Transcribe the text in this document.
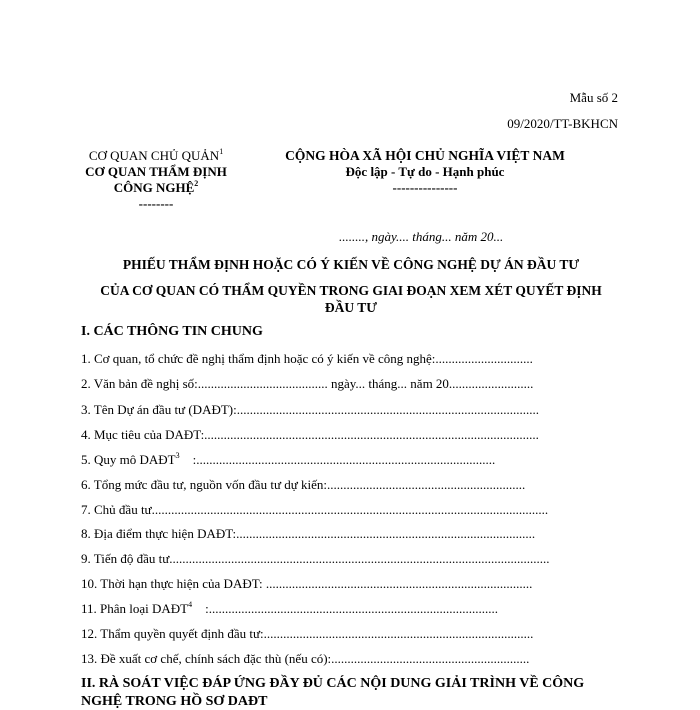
Mẫu số 2
09/2020/TT-BKHCN
CƠ QUAN CHỦ QUẢN$^1$
CƠ QUAN THẨM ĐỊNH
CÔNG NGHỆ$^2$
--------
CỘNG HÒA XÃ HỘI CHỦ NGHĨA VIỆT NAM
Độc lập - Tự do - Hạnh phúc
---------------
........, ngày.... tháng... năm 20...
PHIẾU THẨM ĐỊNH HOẶC CÓ Ý KIẾN VỀ CÔNG NGHỆ DỰ ÁN ĐẦU TƯ
CỦA CƠ QUAN CÓ THẨM QUYỀN TRONG GIAI ĐOẠN XEM XÉT QUYẾT ĐỊNH
ĐẦU TƯ
I. CÁC THÔNG TIN CHUNG
1. Cơ quan, tổ chức đề nghị thẩm định hoặc có ý kiến về công nghệ:..............................
2. Văn bản đề nghị số:........................................ ngày... tháng... năm 20..........................
3. Tên Dự án đầu tư (DAĐT):.............................................................................................
4. Mục tiêu của DAĐT:.......................................................................................................
5. Quy mô DAĐT$^3$    :............................................................................................
6. Tổng mức đầu tư, nguồn vốn đầu tư dự kiến:.............................................................
7. Chủ đầu tư..........................................................................................................................
8. Địa điểm thực hiện DAĐT:............................................................................................
9. Tiến độ đầu tư.....................................................................................................................
10. Thời hạn thực hiện của DAĐT: ..................................................................................
11. Phân loại DAĐT$^4$    :.........................................................................................
12. Thẩm quyền quyết định đầu tư:...................................................................................
13. Đề xuất cơ chế, chính sách đặc thù (nếu có):.............................................................
II. RÀ SOÁT VIỆC ĐÁP ỨNG ĐẦY ĐỦ CÁC NỘI DUNG GIẢI TRÌNH VỀ CÔNG
NGHỆ TRONG HỒ SƠ DAĐT
